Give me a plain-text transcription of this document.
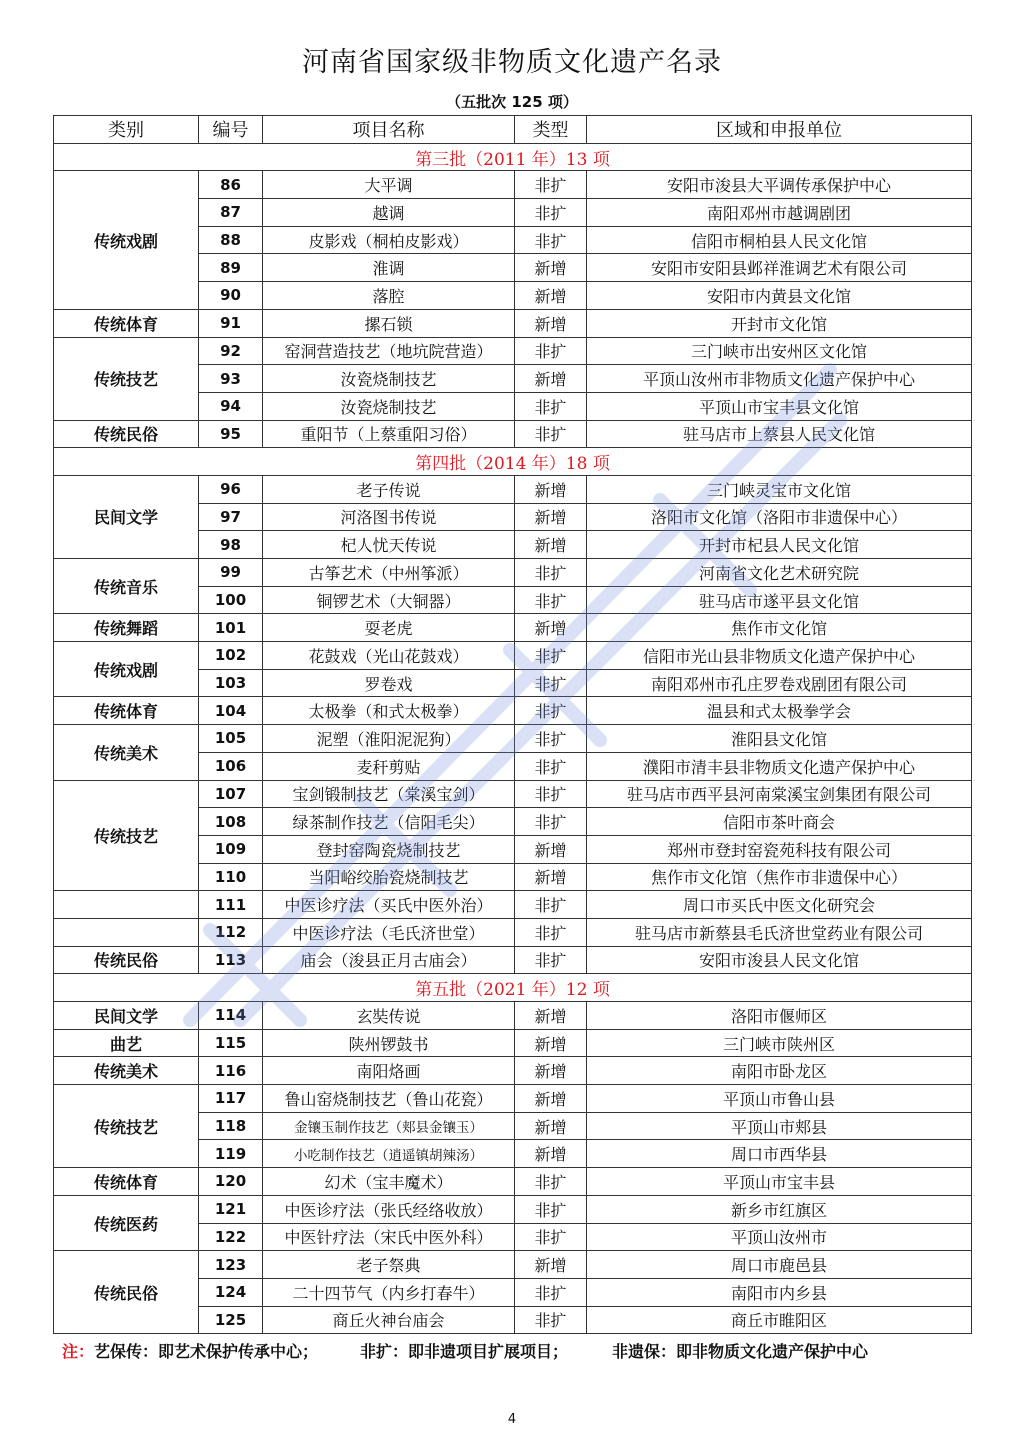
河南省国家级非物质文化遗产名录
（五批次 125 项）
类别	编号	项目名称	类型	区域和申报单位
第三批（2011 年）13 项				
传统戏剧	86	大平调	非扩	安阳市浚县大平调传承保护中心
	87	越调	非扩	南阳邓州市越调剧团
	88	皮影戏（桐柏皮影戏）	非扩	信阳市桐柏县人民文化馆
	89	淮调	新增	安阳市安阳县邺祥淮调艺术有限公司
	90	落腔	新增	安阳市内黄县文化馆
传统体育	91	摞石锁	新增	开封市文化馆
传统技艺	92	窑洞营造技艺（地坑院营造）	非扩	三门峡市出安州区文化馆
	93	汝瓷烧制技艺	新增	平顶山汝州市非物质文化遗产保护中心
	94	汝瓷烧制技艺	非扩	平顶山市宝丰县文化馆
传统民俗	95	重阳节（上蔡重阳习俗）	非扩	驻马店市上蔡县人民文化馆
第四批（2014 年）18 项				
民间文学	96	老子传说	新增	三门峡灵宝市文化馆
	97	河洛图书传说	新增	洛阳市文化馆（洛阳市非遗保中心）
	98	杞人忧天传说	新增	开封市杞县人民文化馆
传统音乐	99	古筝艺术（中州筝派）	非扩	河南省文化艺术研究院
	100	铜锣艺术（大铜器）	非扩	驻马店市遂平县文化馆
传统舞蹈	101	耍老虎	新增	焦作市文化馆
传统戏剧	102	花鼓戏（光山花鼓戏）	非扩	信阳市光山县非物质文化遗产保护中心
	103	罗卷戏	非扩	南阳邓州市孔庄罗卷戏剧团有限公司
传统体育	104	太极拳（和式太极拳）	非扩	温县和式太极拳学会
传统美术	105	泥塑（淮阳泥泥狗）	非扩	淮阳县文化馆
	106	麦秆剪贴	非扩	濮阳市清丰县非物质文化遗产保护中心
传统技艺	107	宝剑锻制技艺（棠溪宝剑）	非扩	驻马店市西平县河南棠溪宝剑集团有限公司
	108	绿茶制作技艺（信阳毛尖）	非扩	信阳市茶叶商会
	109	登封窑陶瓷烧制技艺	新增	郑州市登封窑瓷苑科技有限公司
	110	当阳峪绞胎瓷烧制技艺	新增	焦作市文化馆（焦作市非遗保中心）
	111	中医诊疗法（买氏中医外治）	非扩	周口市买氏中医文化研究会
	112	中医诊疗法（毛氏济世堂）	非扩	驻马店市新蔡县毛氏济世堂药业有限公司
传统民俗	113	庙会（浚县正月古庙会）	非扩	安阳市浚县人民文化馆
第五批（2021 年）12 项				
民间文学	114	玄奘传说	新增	洛阳市偃师区
曲艺	115	陕州锣鼓书	新增	三门峡市陕州区
传统美术	116	南阳烙画	新增	南阳市卧龙区
传统技艺	117	鲁山窑烧制技艺（鲁山花瓷）	新增	平顶山市鲁山县
	118	金镶玉制作技艺（郏县金镶玉）	新增	平顶山市郏县
	119	小吃制作技艺（逍遥镇胡辣汤）	新增	周口市西华县
传统体育	120	幻术（宝丰魔术）	非扩	平顶山市宝丰县
传统医药	121	中医诊疗法（张氏经络收放）	非扩	新乡市红旗区
	122	中医针疗法（宋氏中医外科）	非扩	平顶山汝州市
传统民俗	123	老子祭典	新增	周口市鹿邑县
	124	二十四节气（内乡打春牛）	非扩	南阳市内乡县
	125	商丘火神台庙会	非扩	商丘市睢阳区
注：艺保传：即艺术保护传承中心；	非扩：即非遗项目扩展项目；	非遗保：即非物质文化遗产保护中心
4
